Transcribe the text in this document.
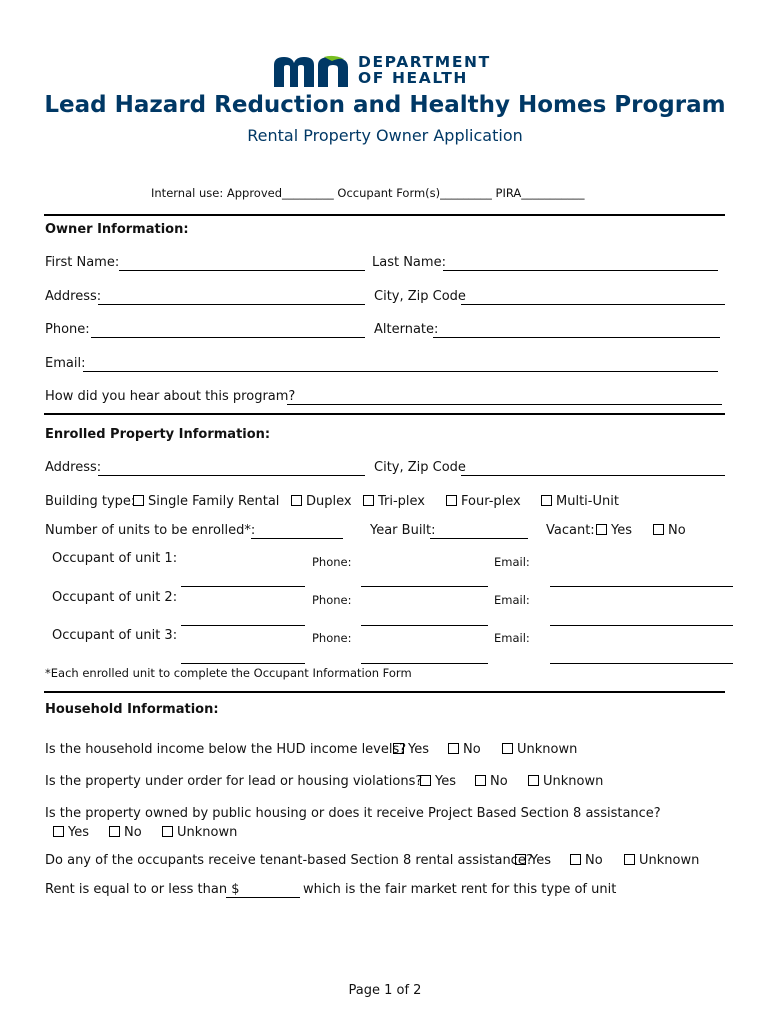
DEPARTMENT
OF HEALTH
Lead Hazard Reduction and Healthy Homes Program
Rental Property Owner Application
Internal use: Approved_________ Occupant Form(s)_________ PIRA___________
Owner Information:
First Name:	Last Name:
Address:	City, Zip Code
Phone:	Alternate:
Email:
How did you hear about this program?
Enrolled Property Information:
Address:	City, Zip Code
Building type: Single Family Rental	Duplex	Tri-plex	Four-plex	Multi-Unit
Number of units to be enrolled*:	Year Built:	Vacant:	Yes	No
Occupant of unit 1:	Phone:	Email:
Occupant of unit 2:	Phone:	Email:
Occupant of unit 3:	Phone:	Email:
*Each enrolled unit to complete the Occupant Information Form
Household Information:
Is the household income below the HUD income levels? Yes	No	Unknown
Is the property under order for lead or housing violations? Yes	No	Unknown
Is the property owned by public housing or does it receive Project Based Section 8 assistance?
Yes	No	Unknown
Do any of the occupants receive tenant-based Section 8 rental assistance?
Yes	No	Unknown
Rent is equal to or less than $	which is the fair market rent for this type of unit
Page 1 of 2
